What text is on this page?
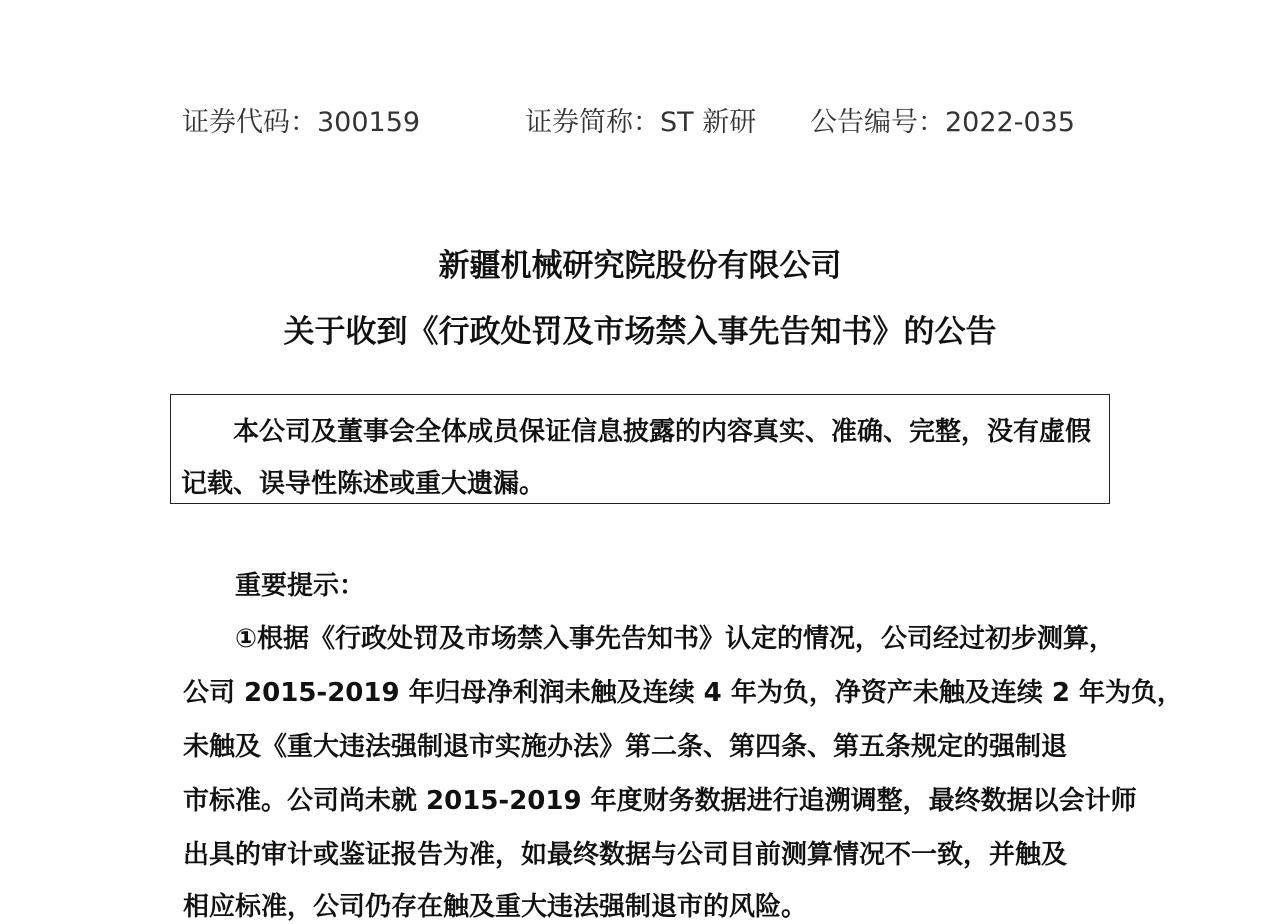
证券代码：300159	证券简称：ST 新研 公告编号：2022-035
新疆机械研究院股份有限公司
关于收到《行政处罚及市场禁入事先告知书》的公告
本公司及董事会全体成员保证信息披露的内容真实、准确、完整，没有虚假
记载、误导性陈述或重大遗漏。
重要提示：
①根据《行政处罚及市场禁入事先告知书》认定的情况，公司经过初步测算，
公司 2015-2019 年归母净利润未触及连续 4 年为负，净资产未触及连续 2 年为负，
未触及《重大违法强制退市实施办法》第二条、第四条、第五条规定的强制退
市标准。公司尚未就 2015-2019 年度财务数据进行追溯调整，最终数据以会计师
出具的审计或鉴证报告为准，如最终数据与公司目前测算情况不一致，并触及
相应标准，公司仍存在触及重大违法强制退市的风险。
